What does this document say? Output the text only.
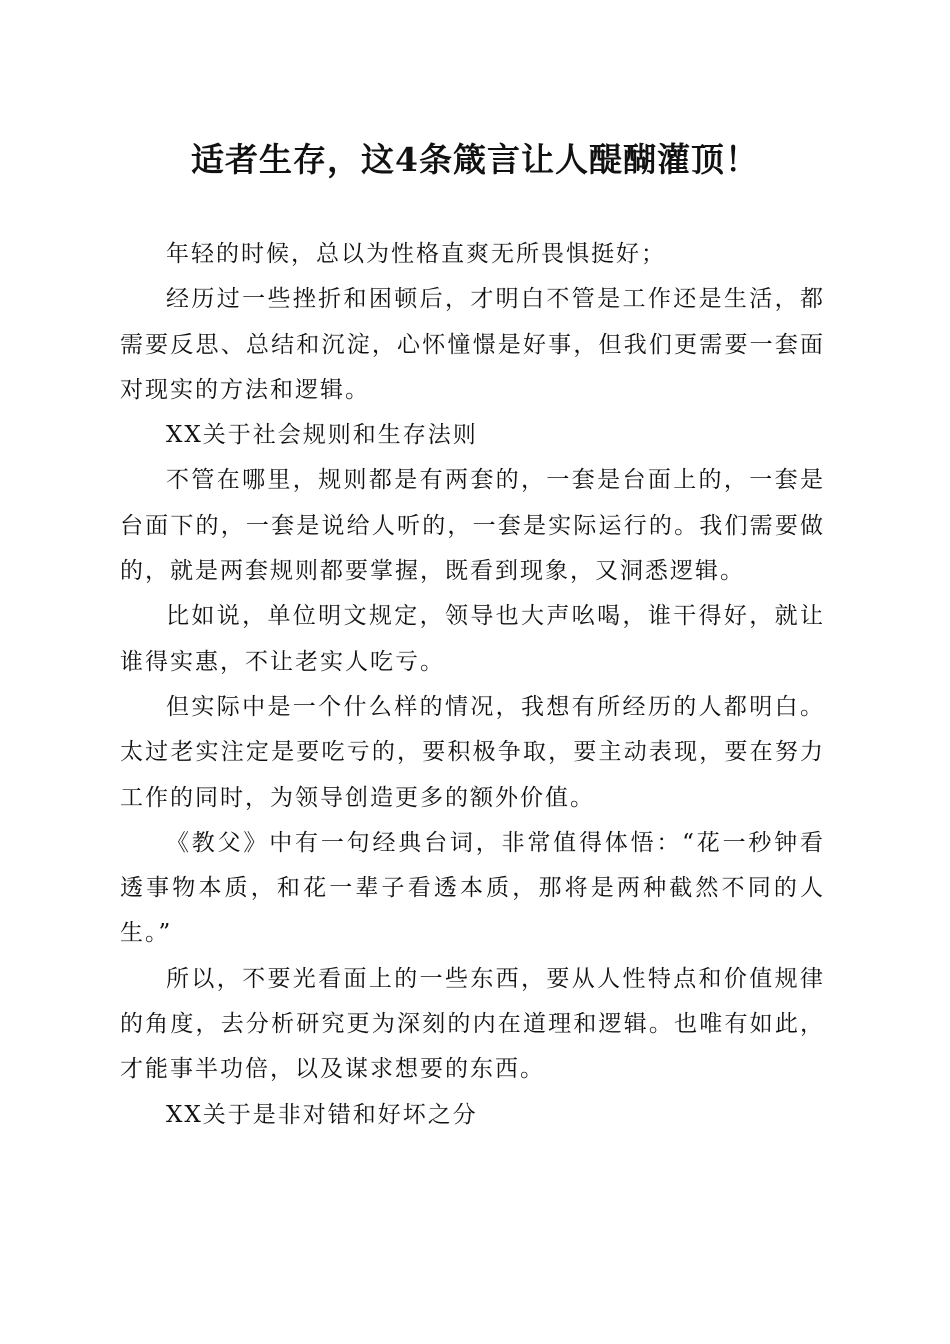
适者生存，这4条箴言让人醍醐灌顶！

年轻的时候，总以为性格直爽无所畏惧挺好；

经历过一些挫折和困顿后，才明白不管是工作还是生活，都需要反思、总结和沉淀，心怀憧憬是好事，但我们更需要一套面对现实的方法和逻辑。

XX关于社会规则和生存法则

不管在哪里，规则都是有两套的，一套是台面上的，一套是台面下的，一套是说给人听的，一套是实际运行的。我们需要做的，就是两套规则都要掌握，既看到现象，又洞悉逻辑。

比如说，单位明文规定，领导也大声吆喝，谁干得好，就让谁得实惠，不让老实人吃亏。

但实际中是一个什么样的情况，我想有所经历的人都明白。太过老实注定是要吃亏的，要积极争取，要主动表现，要在努力工作的同时，为领导创造更多的额外价值。

《教父》中有一句经典台词，非常值得体悟：“花一秒钟看透事物本质，和花一辈子看透本质，那将是两种截然不同的人生。”

所以，不要光看面上的一些东西，要从人性特点和价值规律的角度，去分析研究更为深刻的内在道理和逻辑。也唯有如此，才能事半功倍，以及谋求想要的东西。

XX关于是非对错和好坏之分
